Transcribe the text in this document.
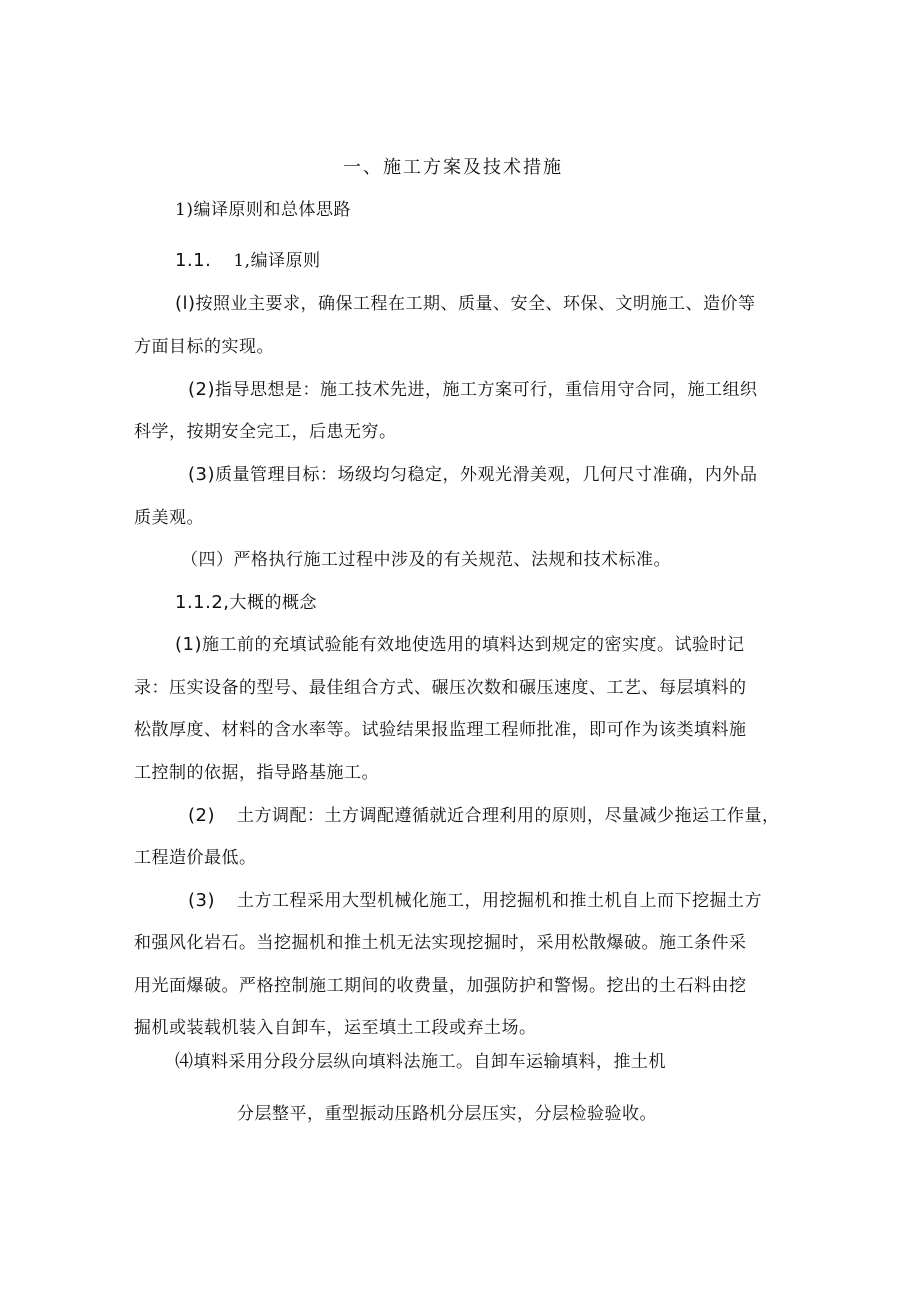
一、施工方案及技术措施
1)编译原则和总体思路
1.1. 1,编译原则
(l)按照业主要求，确保工程在工期、质量、安全、环保、文明施工、造价等
方面目标的实现。
(2)指导思想是：施工技术先进，施工方案可行，重信用守合同，施工组织
科学，按期安全完工，后患无穷。
(3)质量管理目标：场级均匀稳定，外观光滑美观，几何尺寸准确，内外品
质美观。
（四）严格执行施工过程中涉及的有关规范、法规和技术标准。
1.1.2,大概的概念
(1)施工前的充填试验能有效地使选用的填料达到规定的密实度。试验时记
录：压实设备的型号、最佳组合方式、碾压次数和碾压速度、工艺、每层填料的
松散厚度、材料的含水率等。试验结果报监理工程师批准，即可作为该类填料施
工控制的依据，指导路基施工。
(2) 土方调配：土方调配遵循就近合理利用的原则，尽量减少拖运工作量，
工程造价最低。
(3) 土方工程采用大型机械化施工，用挖掘机和推土机自上而下挖掘土方
和强风化岩石。当挖掘机和推土机无法实现挖掘时，采用松散爆破。施工条件采
用光面爆破。严格控制施工期间的收费量，加强防护和警惕。挖出的土石料由挖
掘机或装载机装入自卸车，运至填土工段或弃土场。
⑷填料采用分段分层纵向填料法施工。自卸车运输填料，推土机
分层整平，重型振动压路机分层压实，分层检验验收。
